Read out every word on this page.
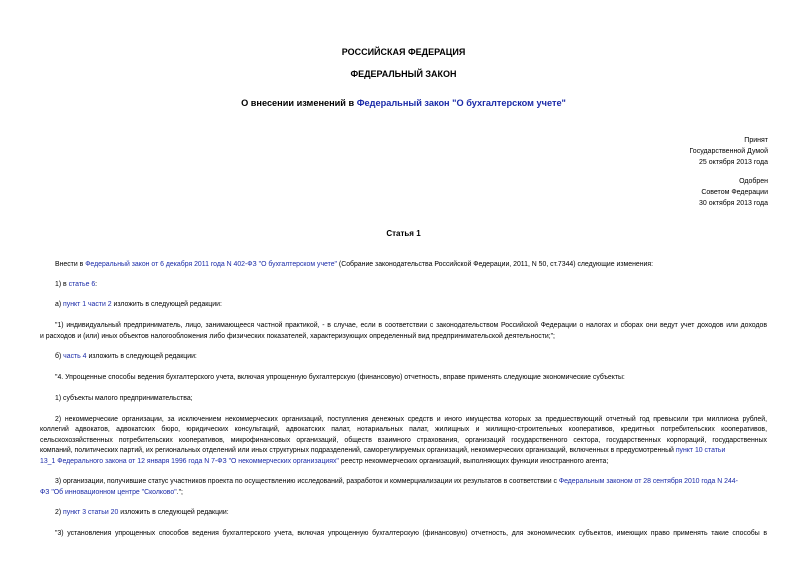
РОССИЙСКАЯ ФЕДЕРАЦИЯ
ФЕДЕРАЛЬНЫЙ ЗАКОН
О внесении изменений в Федеральный закон "О бухгалтерском учете"
Принят
Государственной Думой
25 октября 2013 года
Одобрен
Советом Федерации
30 октября 2013 года
Статья 1
Внести в Федеральный закон от 6 декабря 2011 года N 402-ФЗ "О бухгалтерском учете" (Собрание законодательства Российской Федерации, 2011, N 50, ст.7344) следующие изменения:
1) в статье 6:
а) пункт 1 части 2 изложить в следующей редакции:
"1) индивидуальный предприниматель, лицо, занимающееся частной практикой, - в случае, если в соответствии с законодательством Российской Федерации о налогах и сборах они ведут учет доходов или доходов
и расходов и (или) иных объектов налогообложения либо физических показателей, характеризующих определенный вид предпринимательской деятельности;";
б) часть 4 изложить в следующей редакции:
"4. Упрощенные способы ведения бухгалтерского учета, включая упрощенную бухгалтерскую (финансовую) отчетность, вправе применять следующие экономические субъекты:
1) субъекты малого предпринимательства;
2) некоммерческие организации, за исключением некоммерческих организаций, поступления денежных средств и иного имущества которых за предшествующий отчетный год превысили три миллиона рублей,
коллегий адвокатов, адвокатских бюро, юридических консультаций, адвокатских палат, нотариальных палат, жилищных и жилищно-строительных кооперативов, кредитных потребительских кооперативов,
сельскохозяйственных потребительских кооперативов, микрофинансовых организаций, обществ взаимного страхования, организаций государственного сектора, государственных корпораций, государственных
компаний, политических партий, их региональных отделений или иных структурных подразделений, саморегулируемых организаций, некоммерческих организаций, включенных в предусмотренный пункт 10 статьи
13_1 Федерального закона от 12 января 1996 года N 7-ФЗ "О некоммерческих организациях" реестр некоммерческих организаций, выполняющих функции иностранного агента;
3) организации, получившие статус участников проекта по осуществлению исследований, разработок и коммерциализации их результатов в соответствии с Федеральным законом от 28 сентября 2010 года N 244-
ФЗ "Об инновационном центре "Сколково".";
2) пункт 3 статьи 20 изложить в следующей редакции:
"3) установления упрощенных способов ведения бухгалтерского учета, включая упрощенную бухгалтерскую (финансовую) отчетность, для экономических субъектов, имеющих право применять такие способы в
